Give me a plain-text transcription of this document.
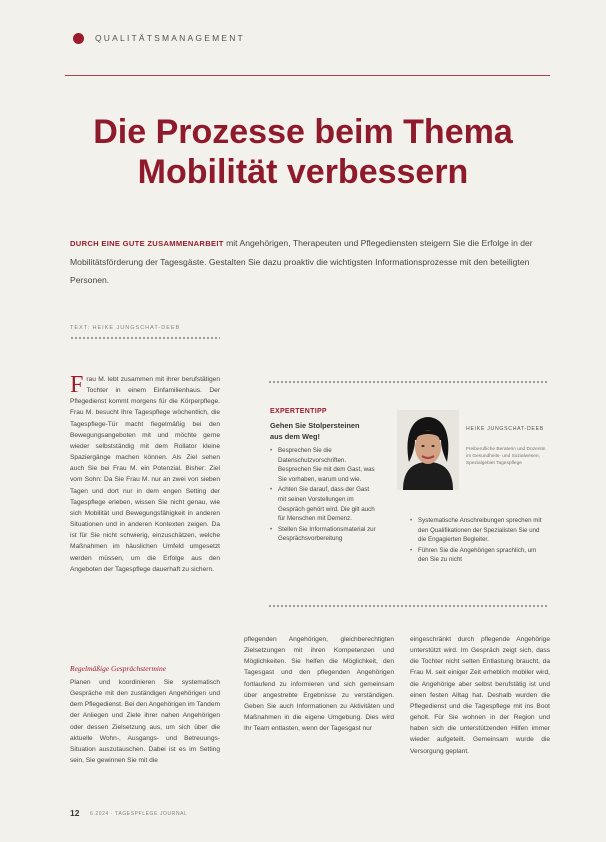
QUALITÄTSMANAGEMENT
Die Prozesse beim Thema
Mobilität verbessern
DURCH EINE GUTE ZUSAMMENARBEIT mit Angehörigen, Therapeuten und Pflegediensten steigern Sie die Erfolge in der Mobilitätsförderung der Tagesgäste. Gestalten Sie dazu proaktiv die wichtigsten Informationsprozesse mit den beteiligten Personen.
TEXT: HEIKE JUNGSCHAT-DEEB

Frau M. lebt zusammen mit ihrer berufstätigen Tochter in einem Einfamilienhaus. Der Pflegedienst kommt morgens für die Körperpflege. Frau M. besucht Ihre Tagespflege wöchentlich, die Tagespflege-Tür macht fiegelmäßig bei den Bewegungsangeboten mit und möchte gerne wieder selbstständig mit dem Rollator kleine Spaziergänge machen können. Als Ziel sehen auch Sie bei Frau M. ein Potenzial. Bisher: Ziel vom Sohn: Da Sie Frau M. nur an zwei von sieben Tagen und dort nur in dem engen Setting der Tagespflege erleben, wissen Sie nicht genau, wie sich Mobilität und Bewegungsfähigkeit in anderen Situationen und in anderen Kontexten zeigen. Da ist für Sie nicht schwierig, einzuschätzen, welche Maßnahmen im häuslichen Umfeld umgesetzt werden müssen, um die Erfolge aus den Angeboten der Tagespflege dauerhaft zu sichern.

Regelmäßige Gesprächstermine

Planen und koordinieren Sie systematisch Gespräche mit den zuständigen Angehörigen und dem Pflegedienst. Bei den Angehörigen im Tandem der Anliegen und Ziele ihrer nahen Angehörigen oder dessen Zielsetzung aus, um sich über die aktuelle Wohn-, Ausgangs- und Betreuungs-Situation auszutauschen. Dabei ist es im Setting sein, Sie gewinnen Sie mit die

EXPERTENTIPP
Gehen Sie Stolpersteinen aus dem Weg!
• Besprechen Sie die Datenschutzvorschriften. Besprechen Sie mit dem Gast, was Sie vorhaben, warum und wie.
• Achten Sie darauf, dass der Gast mit seinen Vorstellungen im Gespräch gehört wird. Die gilt auch für Menschen mit Demenz.
• Stellen Sie Informationsmaterial zur Gesprächsvorbereitung
HEIKE JUNGSCHAT-DEEB
Freiberufliche Beraterin und Dozentin im Gesundheits- und Sozialwesen, Spezialgebiet Tagespflege
• Systematische Anschreibungen sprechen mit den Qualifikationen der Spezialisten Sie und die Engagierten Begleiter.
• Führen Sie die Angehörigen sprachlich, um den Sie zu nicht

pflegenden Angehörigen, gleichberechtigten Zielsetzungen mit ihren Kompetenzen und Möglichkeiten. Sie helfen die Möglichkeit, den Tagesgast und den pflegenden Angehörigen fortlaufend zu informieren und sich gemeinsam über angestrebte Ergebnisse zu verständigen. Geben Sie auch Informationen zu Aktivitäten und Maßnahmen in die eigene Umgebung. Dies wird Ihr Team entlasten, wenn der Tagesgast nur

eingeschränkt durch pflegende Angehörige unterstützt wird. Im Gespräch zeigt sich, dass die Tochter nicht selten Entlastung braucht, da Frau M. seit einiger Zeit erheblich mobiler wird, die Angehörige aber selbst berufstätig ist und einen festen Alltag hat. Deshalb wurden die Pflegedienst und die Tagespflege mit ins Boot geholt. Für Sie wohnen in der Region und haben sich die unterstützenden Hilfen immer wieder aufgeteilt. Gemeinsam wurde die Versorgung geplant.

12 6.2024 · TAGESPFLEGE JOURNAL
